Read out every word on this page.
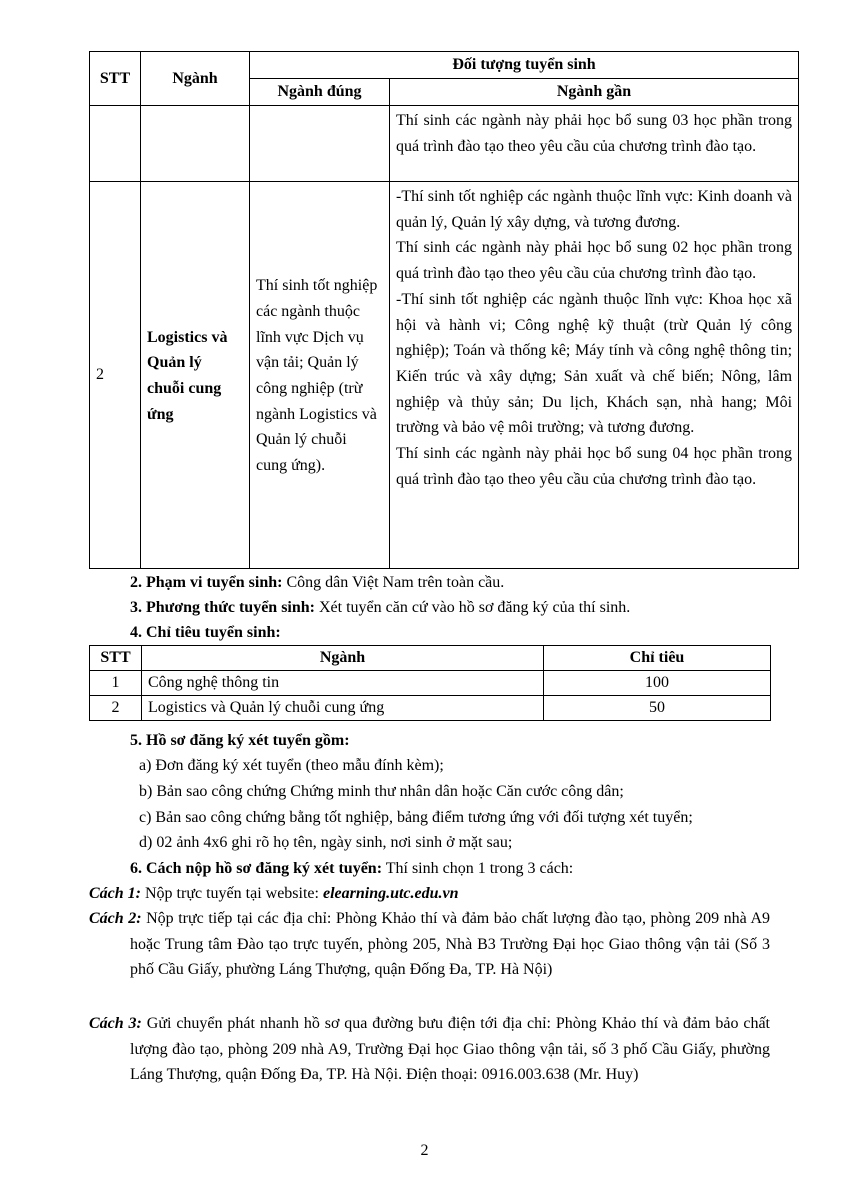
STT	Ngành	Đối tượng tuyển sinh	
		Ngành đúng	Ngành gần

			Thí sinh các ngành này phải học bổ sung 03 học phần trong quá trình đào tạo theo yêu cầu của chương trình đào tạo.

2	Logistics và Quản lý chuỗi cung ứng	Thí sinh tốt nghiệp các ngành thuộc lĩnh vực Dịch vụ vận tải; Quản lý công nghiệp (trừ ngành Logistics và Quản lý chuỗi cung ứng).	-Thí sinh tốt nghiệp các ngành thuộc lĩnh vực: Kinh doanh và quản lý, Quản lý xây dựng, và tương đương.
Thí sinh các ngành này phải học bổ sung 02 học phần trong quá trình đào tạo theo yêu cầu của chương trình đào tạo.
-Thí sinh tốt nghiệp các ngành thuộc lĩnh vực: Khoa học xã hội và hành vi; Công nghệ kỹ thuật (trừ Quản lý công nghiệp); Toán và thống kê; Máy tính và công nghệ thông tin; Kiến trúc và xây dựng; Sản xuất và chế biến; Nông, lâm nghiệp và thủy sản; Du lịch, Khách sạn, nhà hang; Môi trường và bảo vệ môi trường; và tương đương.
Thí sinh các ngành này phải học bổ sung 04 học phần trong quá trình đào tạo theo yêu cầu của chương trình đào tạo.
2. Phạm vi tuyển sinh: Công dân Việt Nam trên toàn cầu.
3. Phương thức tuyển sinh: Xét tuyển căn cứ vào hồ sơ đăng ký của thí sinh.
4. Chỉ tiêu tuyển sinh:
STT	Ngành	Chỉ tiêu
1	Công nghệ thông tin	100
2	Logistics và Quản lý chuỗi cung ứng	50
5. Hồ sơ đăng ký xét tuyển gồm:
a) Đơn đăng ký xét tuyển (theo mẫu đính kèm);
b) Bản sao công chứng Chứng minh thư nhân dân hoặc Căn cước công dân;
c) Bản sao công chứng bằng tốt nghiệp, bảng điểm tương ứng với đối tượng xét tuyển;
d) 02 ảnh 4x6 ghi rõ họ tên, ngày sinh, nơi sinh ở mặt sau;
6. Cách nộp hồ sơ đăng ký xét tuyển: Thí sinh chọn 1 trong 3 cách:
Cách 1: Nộp trực tuyến tại website: elearning.utc.edu.vn
Cách 2: Nộp trực tiếp tại các địa chỉ: Phòng Khảo thí và đảm bảo chất lượng đào tạo, phòng 209 nhà A9 hoặc Trung tâm Đào tạo trực tuyến, phòng 205, Nhà B3 Trường Đại học Giao thông vận tải (Số 3 phố Cầu Giấy, phường Láng Thượng, quận Đống Đa, TP. Hà Nội)
Cách 3: Gửi chuyển phát nhanh hồ sơ qua đường bưu điện tới địa chỉ: Phòng Khảo thí và đảm bảo chất lượng đào tạo, phòng 209 nhà A9, Trường Đại học Giao thông vận tải, số 3 phố Cầu Giấy, phường Láng Thượng, quận Đống Đa, TP. Hà Nội. Điện thoại: 0916.003.638 (Mr. Huy)
2
